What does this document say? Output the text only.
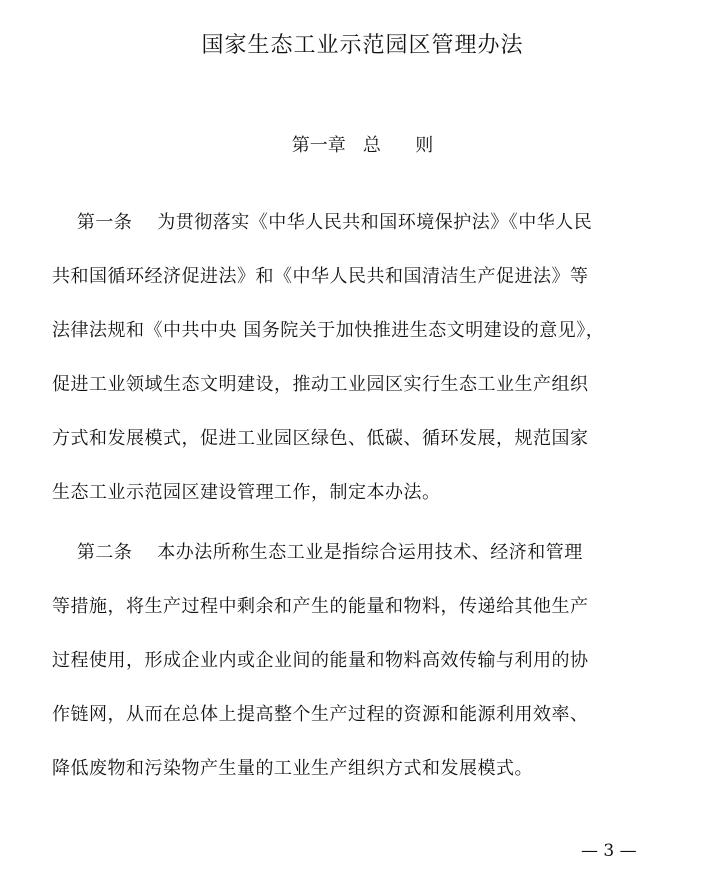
国家生态工业示范园区管理办法
第一章   总      则
第一条    为贯彻落实《中华人民共和国环境保护法》《中华人民
共和国循环经济促进法》和《中华人民共和国清洁生产促进法》等
法律法规和《中共中央 国务院关于加快推进生态文明建设的意见》，
促进工业领域生态文明建设，推动工业园区实行生态工业生产组织
方式和发展模式，促进工业园区绿色、低碳、循环发展，规范国家
生态工业示范园区建设管理工作，制定本办法。
第二条    本办法所称生态工业是指综合运用技术、经济和管理
等措施，将生产过程中剩余和产生的能量和物料，传递给其他生产
过程使用，形成企业内或企业间的能量和物料高效传输与利用的协
作链网，从而在总体上提高整个生产过程的资源和能源利用效率、
降低废物和污染物产生量的工业生产组织方式和发展模式。
— 3 —
